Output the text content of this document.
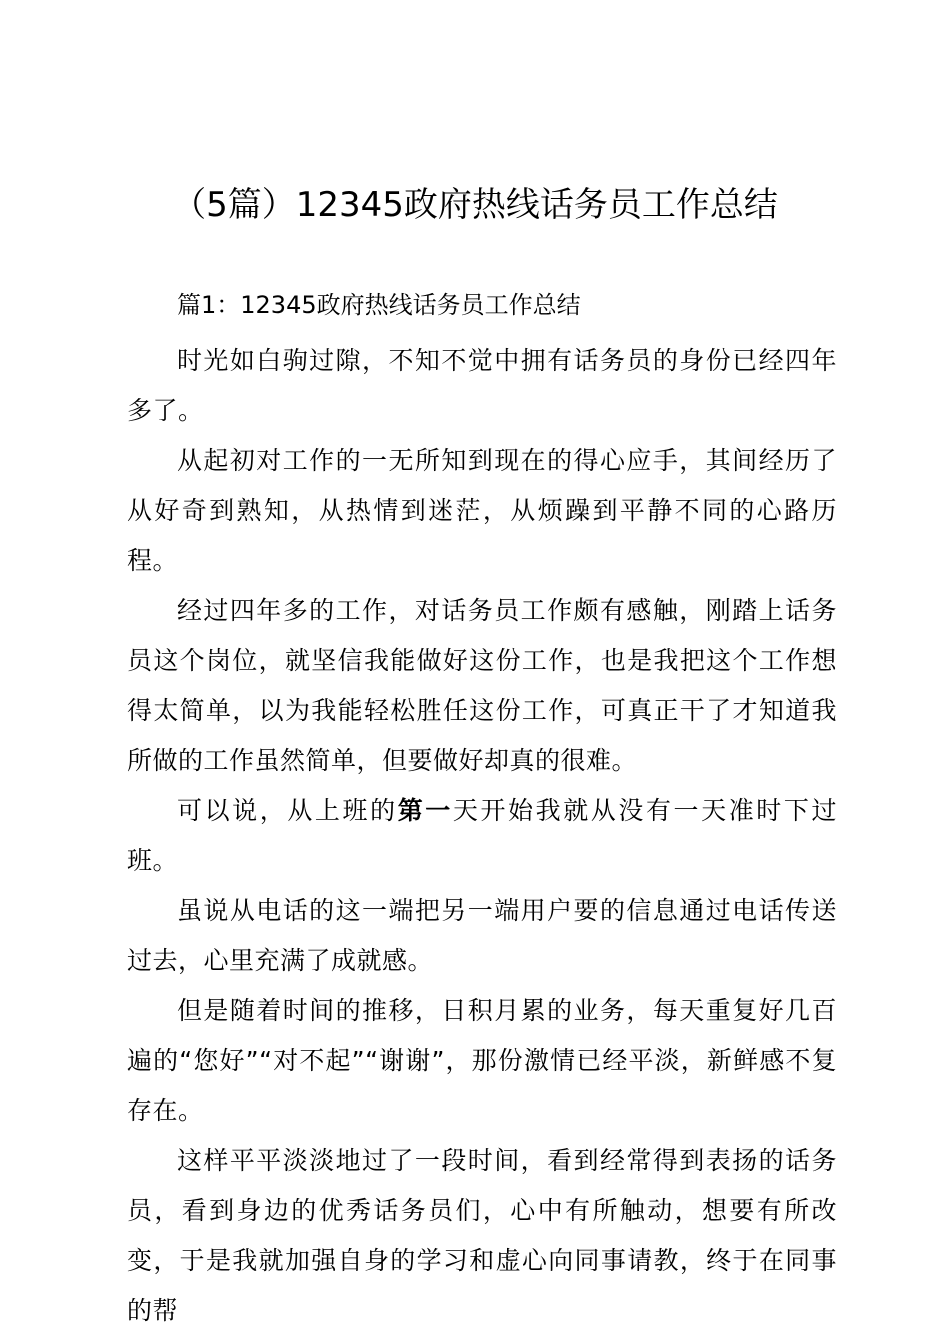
（5篇）12345政府热线话务员工作总结
篇1：12345政府热线话务员工作总结

时光如白驹过隙，不知不觉中拥有话务员的身份已经四年多了。

从起初对工作的一无所知到现在的得心应手，其间经历了从好奇到熟知，从热情到迷茫，从烦躁到平静不同的心路历程。

经过四年多的工作，对话务员工作颇有感触，刚踏上话务员这个岗位，就坚信我能做好这份工作，也是我把这个工作想得太简单，以为我能轻松胜任这份工作，可真正干了才知道我所做的工作虽然简单，但要做好却真的很难。

可以说，从上班的第一天开始我就从没有一天准时下过班。

虽说从电话的这一端把另一端用户要的信息通过电话传送过去，心里充满了成就感。

但是随着时间的推移，日积月累的业务，每天重复好几百遍的“您好”“对不起”“谢谢”，那份激情已经平淡，新鲜感不复存在。

这样平平淡淡地过了一段时间，看到经常得到表扬的话务员，看到身边的优秀话务员们，心中有所触动，想要有所改变，于是我就加强自身的学习和虚心向同事请教，终于在同事的帮
